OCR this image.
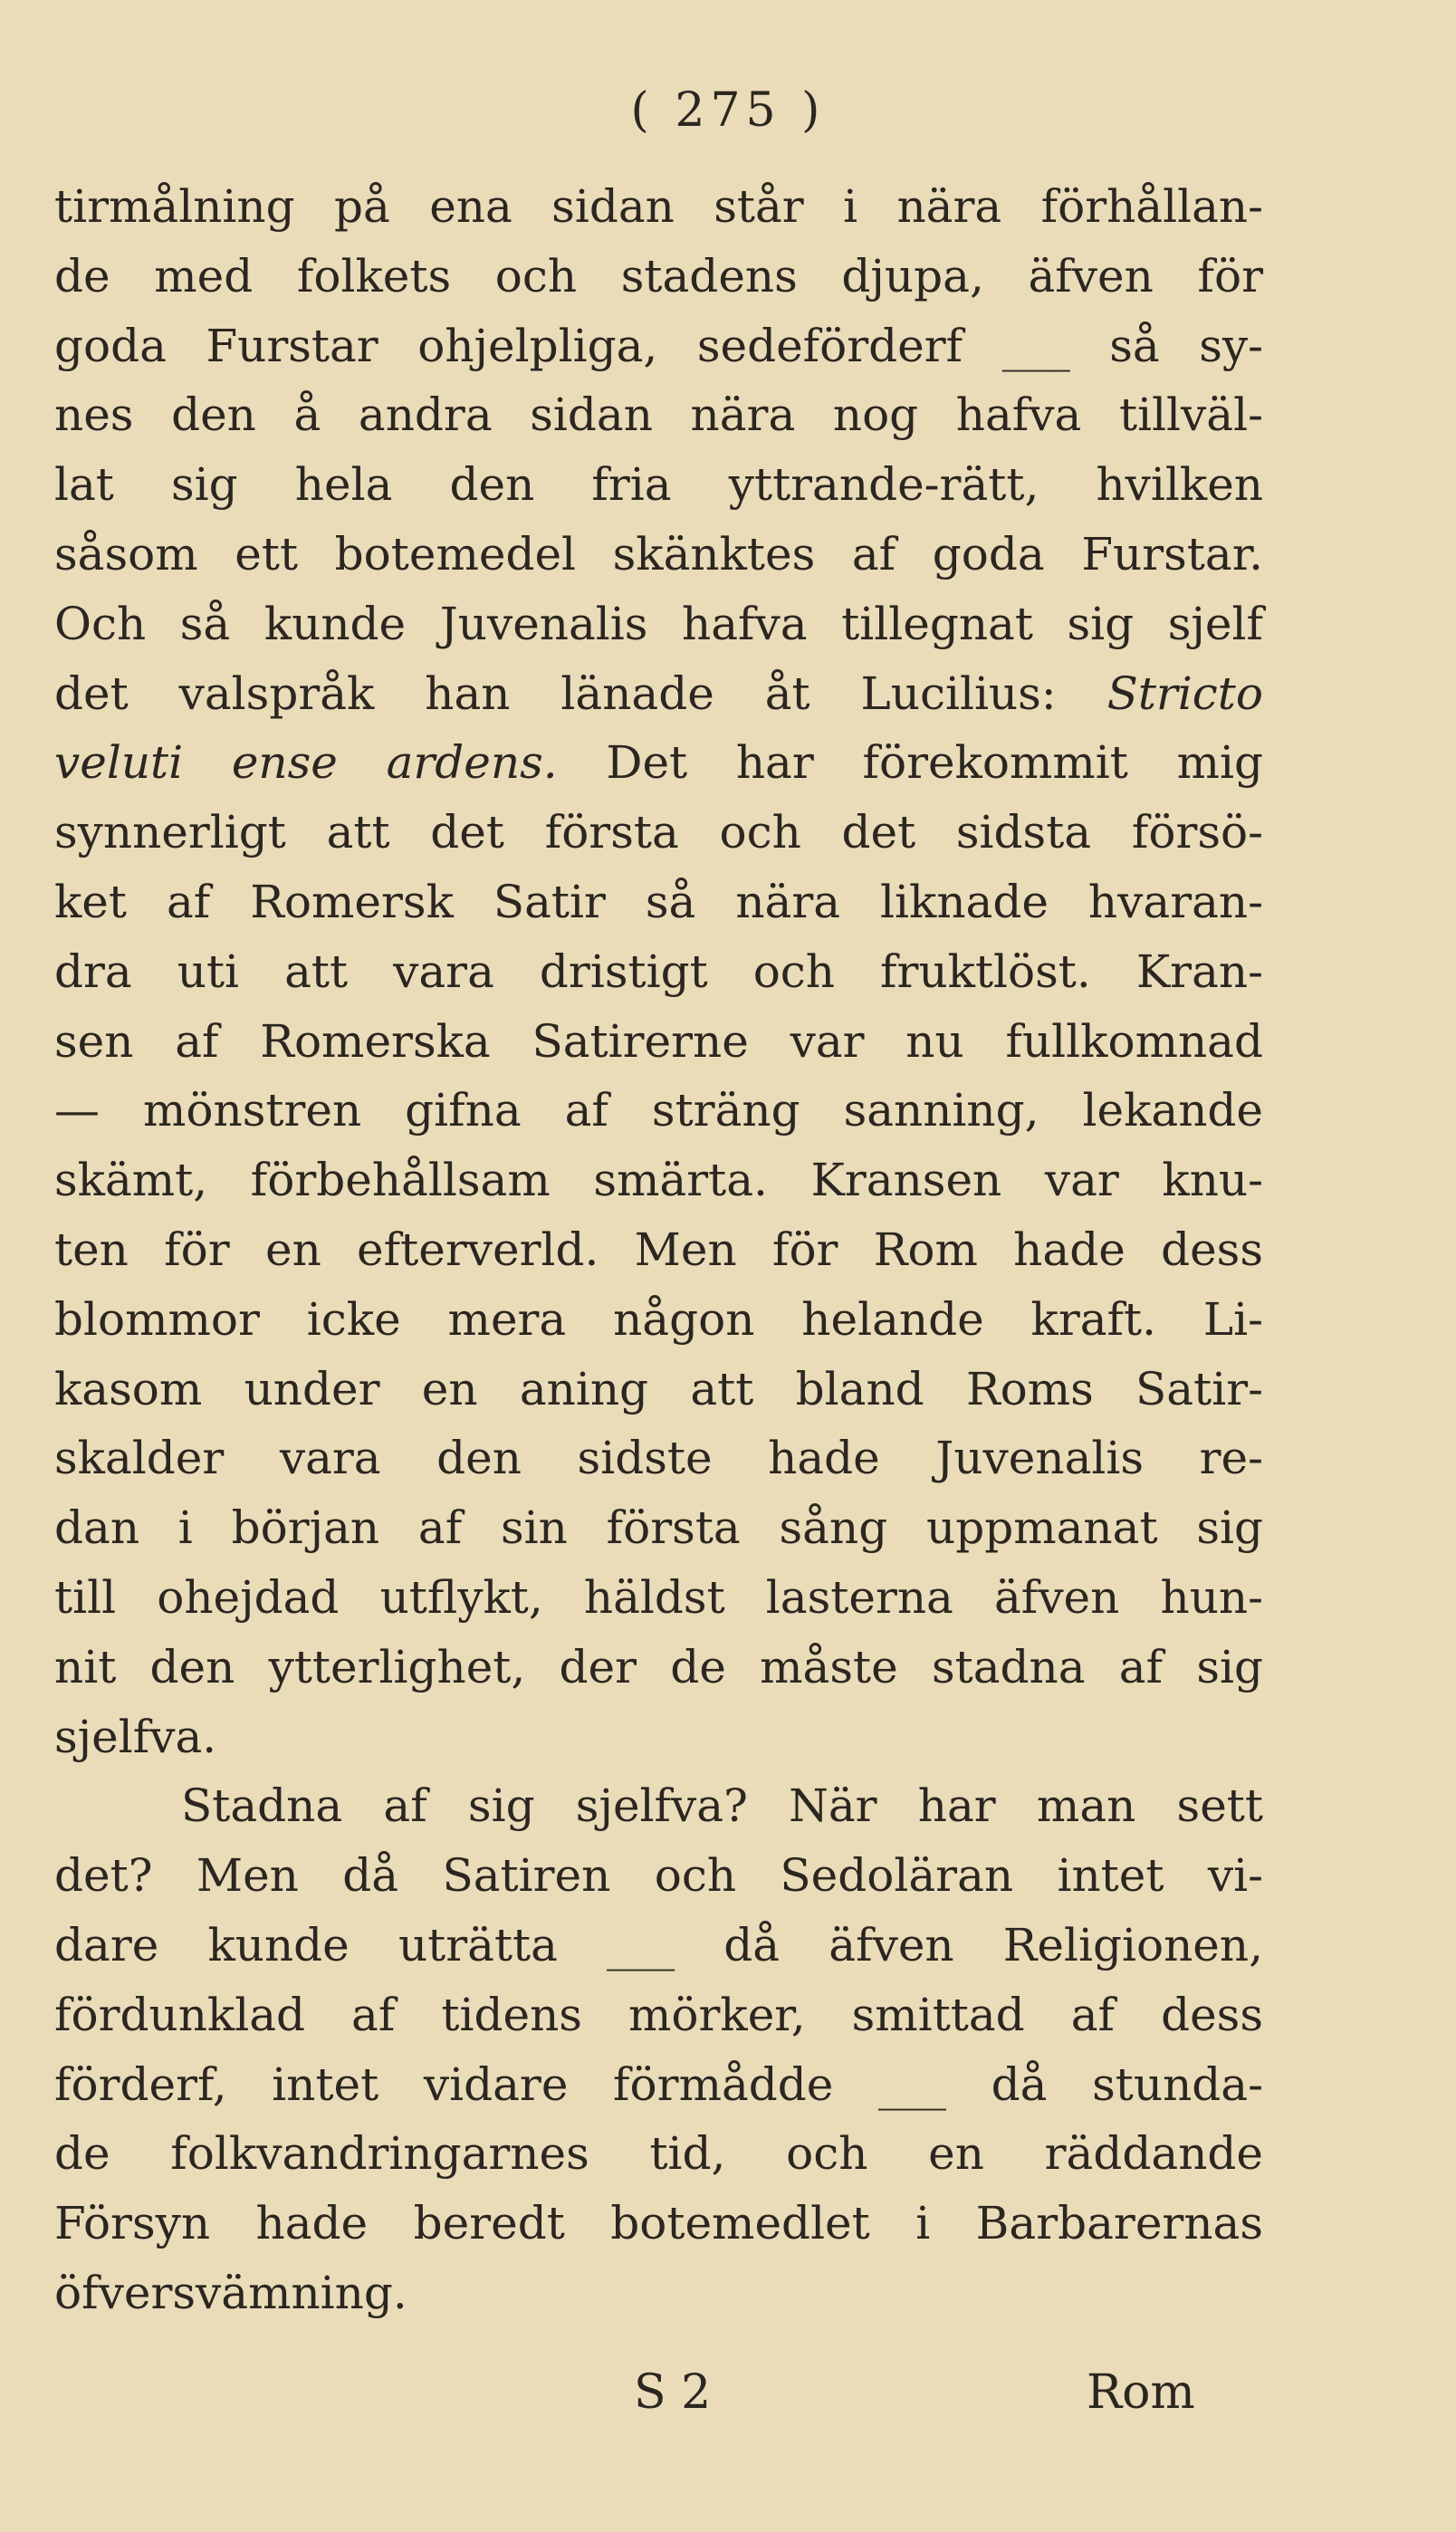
( 275 )
tirmålning på ena sidan står i nära förhållan-
de med folkets och stadens djupa, äfven för
goda Furstar ohjelpliga, sedeförderf ___ så sy-
nes den å andra sidan nära nog hafva tillväl-
lat sig hela den fria yttrande-rätt, hvilken
såsom ett botemedel skänktes af goda Furstar.
Och så kunde Juvenalis hafva tillegnat sig sjelf
det valspråk han länade åt Lucilius: Stricto
veluti ense ardens. Det har förekommit mig
synnerligt att det första och det sidsta försö-
ket af Romersk Satir så nära liknade hvaran-
dra uti att vara dristigt och fruktlöst. Kran-
sen af Romerska Satirerne var nu fullkomnad
— mönstren gifna af sträng sanning, lekande
skämt, förbehållsam smärta. Kransen var knu-
ten för en efterverld. Men för Rom hade dess
blommor icke mera någon helande kraft. Li-
kasom under en aning att bland Roms Satir-
skalder vara den sidste hade Juvenalis re-
dan i början af sin första sång uppmanat sig
till ohejdad utflykt, häldst lasterna äfven hun-
nit den ytterlighet, der de måste stadna af sig
sjelfva.
Stadna af sig sjelfva? När har man sett
det? Men då Satiren och Sedoläran intet vi-
dare kunde uträtta ___ då äfven Religionen,
fördunklad af tidens mörker, smittad af dess
förderf, intet vidare förmådde ___ då stunda-
de folkvandringarnes tid, och en räddande
Försyn hade beredt botemedlet i Barbarernas
öfversvämning.
S 2	Rom
